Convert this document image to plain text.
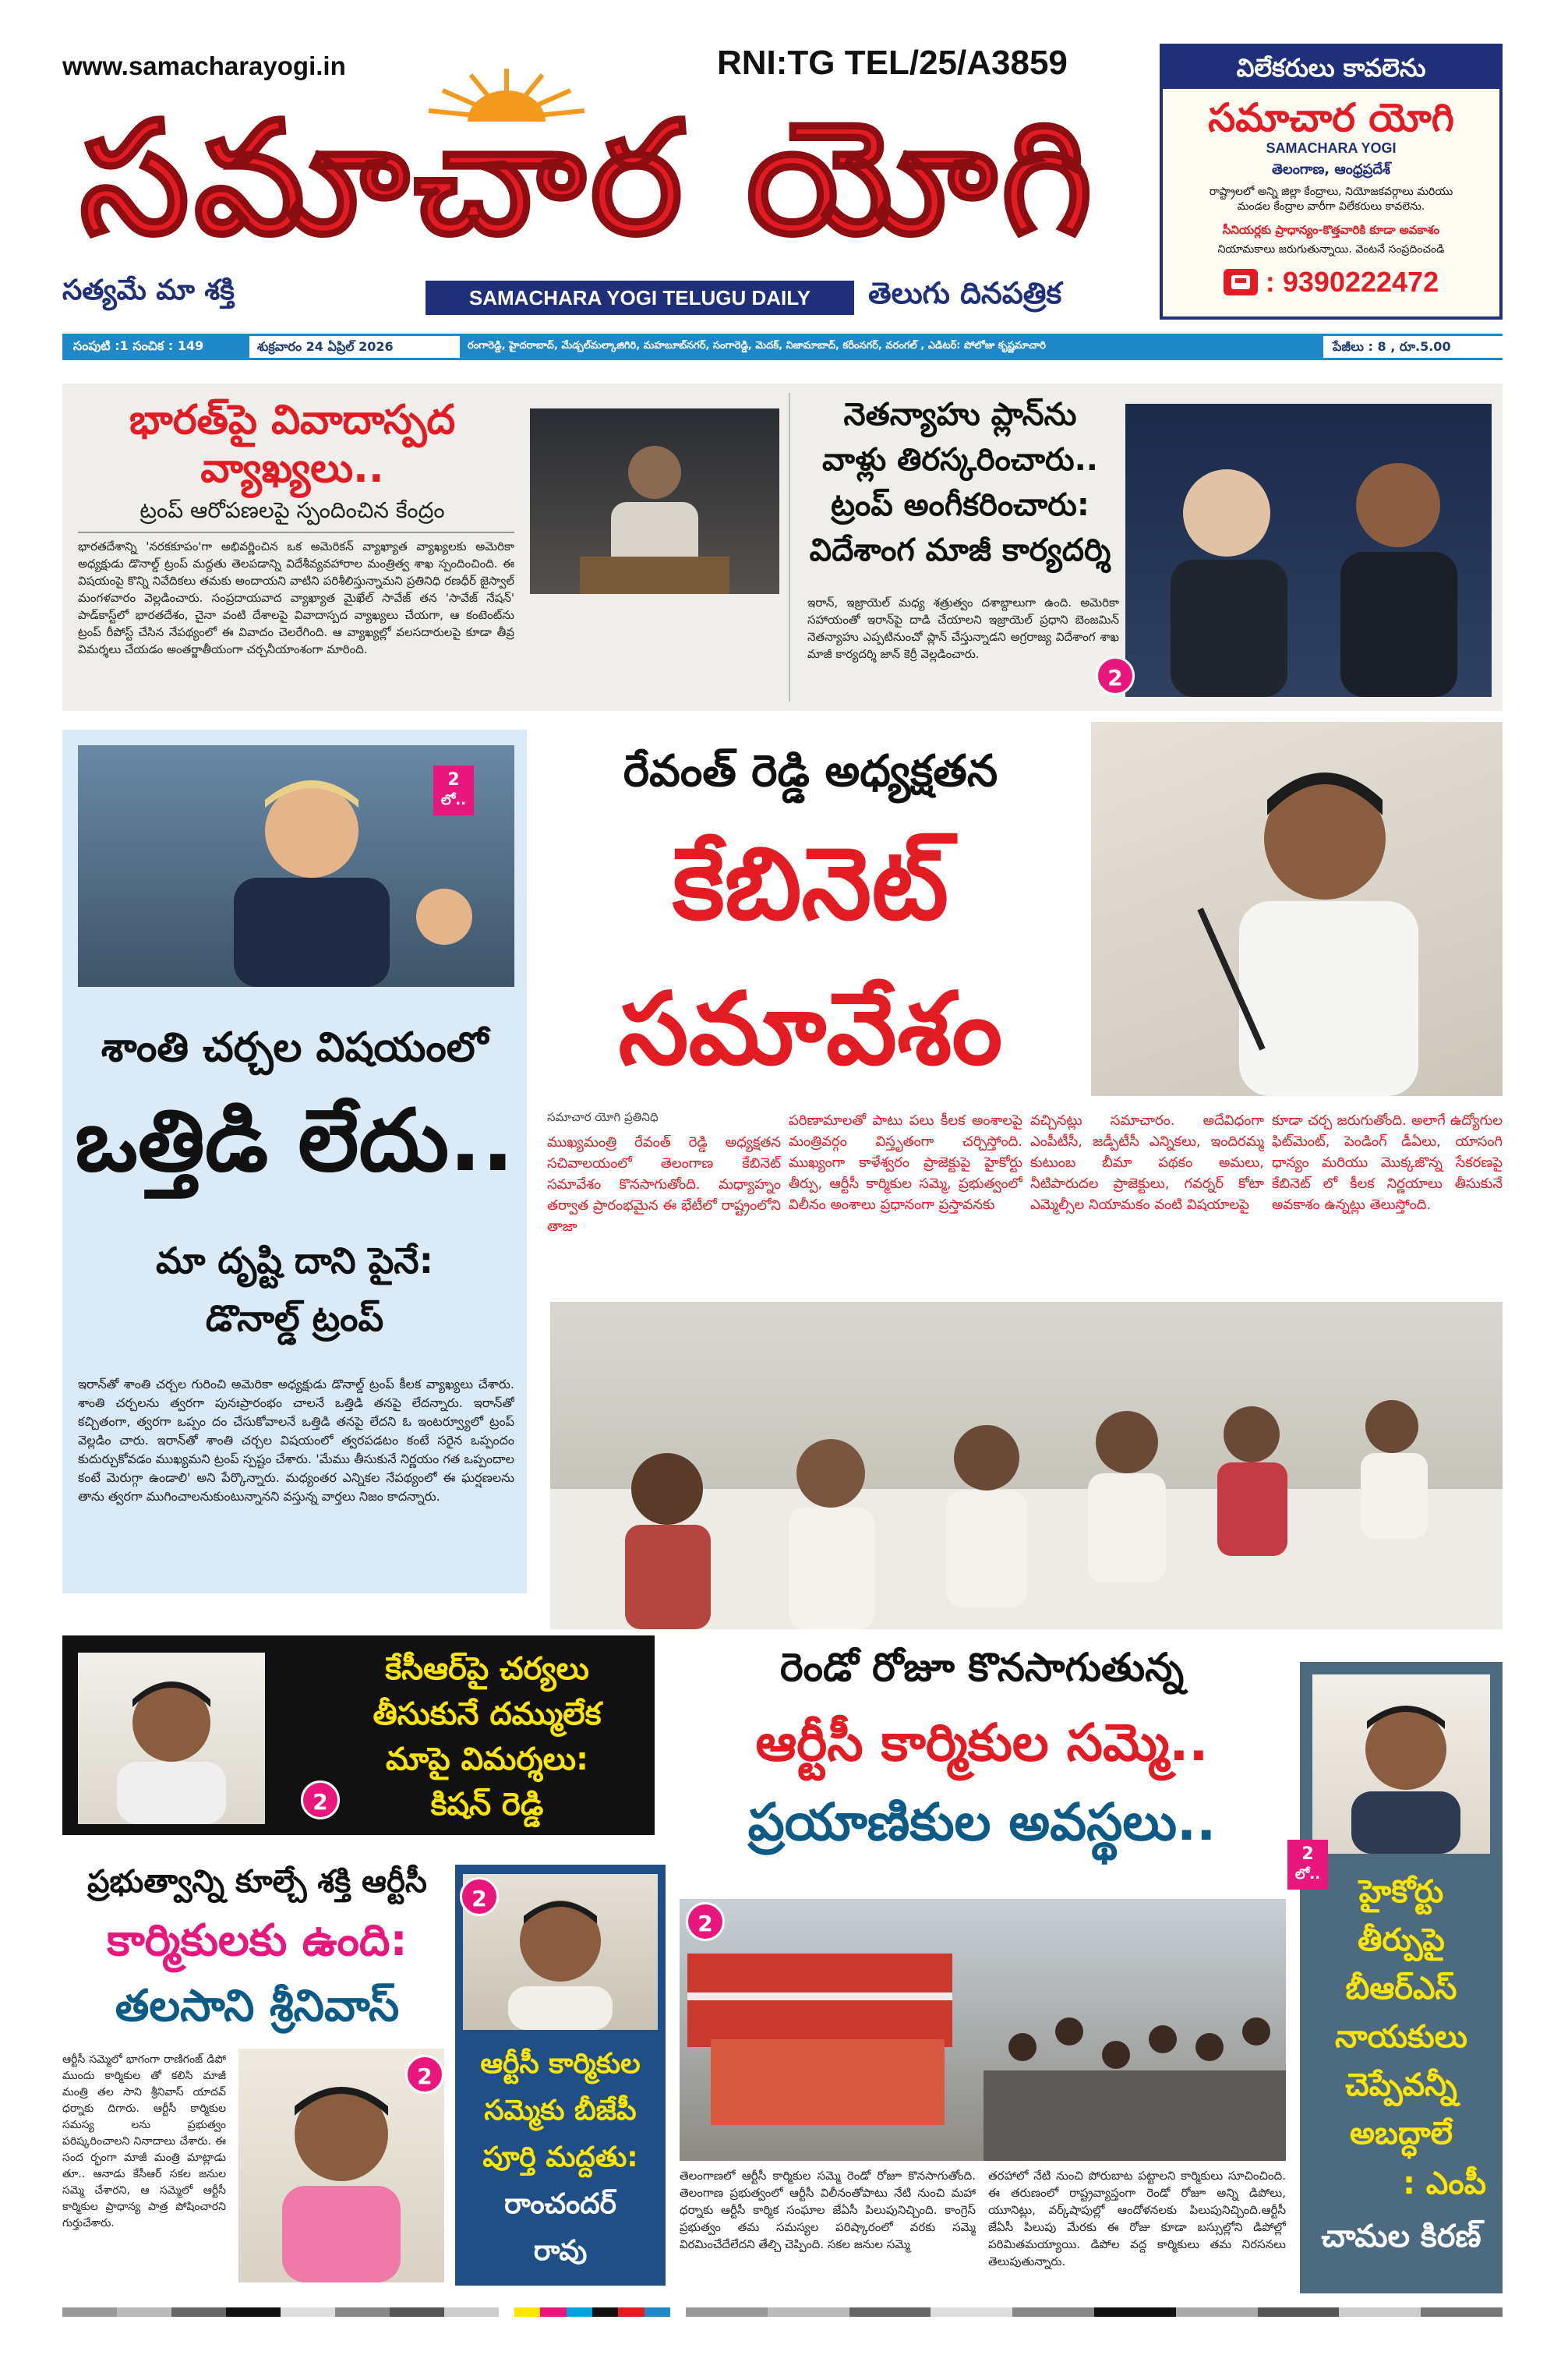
www.samacharayogi.in	RNI:TG TEL/25/A3859
సమాచార యోగి
సత్యమే మా శక్తి	SAMACHARA YOGI TELUGU DAILY	తెలుగు దినపత్రిక
విలేకరులు కావలెను
సమాచార యోగి
SAMACHARA YOGI
తెలంగాణ, ఆంధ్రప్రదేశ్
రాష్ట్రాలలో అన్ని జిల్లా కేంద్రాలు, నియోజకవర్గాలు మరియు
మండల కేంద్రాల వారీగా విలేకరులు కావలెను.
సీనియర్లకు ప్రాధాన్యం-కొత్తవారికి కూడా అవకాశం
నియామకాలు జరుగుతున్నాయి. వెంటనే సంప్రదించండి
: 9390222472
సంపుటి :1 సంచిక : 149	శుక్రవారం 24 ఏప్రిల్ 2026	రంగారెడ్డి, హైదరాబాద్, మేడ్చల్‌మల్కాజిగిరి, మహబూబ్‌నగర్, సంగారెడ్డి, మెదక్, నిజామాబాద్, కరీంనగర్, వరంగల్ , ఎడిటర్: పోలోజు కృష్ణమాచారి	పేజీలు : 8 , రూ.5.00
భారత్‌పై వివాదాస్పద
వ్యాఖ్యలు..
ట్రంప్ ఆరోపణలపై స్పందించిన కేంద్రం
భారతదేశాన్ని 'నరకకూపం'గా అభివర్ణించిన ఒక అమెరికన్ వ్యాఖ్యాత వ్యాఖ్యలకు అమెరికా అధ్యక్షుడు డొనాల్డ్ ట్రంప్ మద్దతు తెలపడాన్ని విదేశీవ్యవహారాల మంత్రిత్వ శాఖ స్పందించింది. ఈ విషయంపై కొన్ని నివేదికలు తమకు అందాయని వాటిని పరిశీలిస్తున్నామని ప్రతినిధి రణధీర్ జైస్వాల్ మంగళవారం వెల్లడించారు. సంప్రదాయవాద వ్యాఖ్యాత మైఖేల్ సావేజ్ తన 'సావేజ్ నేషన్' పాడ్‌కాస్ట్‌లో భారతదేశం, చైనా వంటి దేశాలపై వివాదాస్పద వ్యాఖ్యలు చేయగా, ఆ కంటెంట్‌ను ట్రంప్ రీపోస్ట్ చేసిన నేపథ్యంలో ఈ వివాదం చెలరేగింది. ఆ వ్యాఖ్యల్లో వలసదారులపై కూడా తీవ్ర విమర్శలు చేయడం అంతర్జాతీయంగా చర్చనీయాంశంగా మారింది.
నెతన్యాహు ప్లాన్‌ను
వాళ్లు తిరస్కరించారు..
ట్రంప్ అంగీకరించారు:
విదేశాంగ మాజీ కార్యదర్శి
ఇరాన్, ఇజ్రాయెల్ మధ్య శత్రుత్వం దశాబ్దాలుగా ఉంది. అమెరికా సహాయంతో ఇరాన్‌పై దాడి చేయాలని ఇజ్రాయెల్ ప్రధాని బెంజమిన్ నెతన్యాహు ఎప్పటినుంచో ప్లాన్ చేస్తున్నాడని అగ్రరాజ్య విదేశాంగ శాఖ మాజీ కార్యదర్శి జాన్ కెర్రీ వెల్లడించారు.
2
2
లో..
శాంతి చర్చల విషయంలో
ఒత్తిడి లేదు..
మా దృష్టి దాని పైనే:
డొనాల్డ్ ట్రంప్
ఇరాన్‌తో శాంతి చర్చల గురించి అమెరికా అధ్యక్షుడు డొనాల్డ్ ట్రంప్ కీలక వ్యాఖ్యలు చేశారు. శాంతి చర్చలను త్వరగా పునఃప్రారంభం చాలనే ఒత్తిడి తనపై లేదన్నారు. ఇరాన్‌తో కచ్చితంగా, త్వరగా ఒప్పం దం చేసుకోవాలనే ఒత్తిడి తనపై లేదని ఓ ఇంటర్వ్యూలో ట్రంప్ వెల్లడిం చారు. ఇరాన్‌తో శాంతి చర్చల విషయంలో త్వరపడటం కంటే సరైన ఒప్పందం కుదుర్చుకోవడం ముఖ్యమని ట్రంప్ స్పష్టం చేశారు. 'మేము తీసుకునే నిర్ణయం గత ఒప్పందాల కంటే మెరుగ్గా ఉండాలి' అని పేర్కొన్నారు. మధ్యంతర ఎన్నికల నేపథ్యంలో ఈ ఘర్షణలను తాను త్వరగా ముగించాలనుకుంటున్నానని వస్తున్న వార్తలు నిజం కాదన్నారు.
రేవంత్ రెడ్డి అధ్యక్షతన
కేబినెట్
సమావేశం
సమాచార యోగి ప్రతినిధి
ముఖ్యమంత్రి రేవంత్ రెడ్డి అధ్యక్షతన సచివాలయంలో తెలంగాణ కేబినెట్ సమావేశం కొనసాగుతోంది. మధ్యాహ్నం తర్వాత ప్రారంభమైన ఈ భేటీలో రాష్ట్రంలోని తాజా
పరిణామాలతో పాటు పలు కీలక అంశాలపై మంత్రివర్గం విస్తృతంగా చర్చిస్తోంది. ముఖ్యంగా కాళేశ్వరం ప్రాజెక్టుపై హైకోర్టు తీర్పు, ఆర్టీసీ కార్మికుల సమ్మె, ప్రభుత్వంలో విలీనం అంశాలు ప్రధానంగా ప్రస్తావనకు
వచ్చినట్లు సమాచారం. అదేవిధంగా ఎంపీటీసీ, జడ్పీటీసీ ఎన్నికలు, ఇందిరమ్మ కుటుంబ బీమా పథకం అమలు, నీటిపారుదల ప్రాజెక్టులు, గవర్నర్ కోటా ఎమ్మెల్సీల నియామకం వంటి విషయాలపై
కూడా చర్చ జరుగుతోంది. అలాగే ఉద్యోగుల ఫిట్‌మెంట్, పెండింగ్ డీఏలు, యాసంగి ధాన్యం మరియు మొక్కజొన్న సేకరణపై కేబినెట్ లో కీలక నిర్ణయాలు తీసుకునే అవకాశం ఉన్నట్లు తెలుస్తోంది.
2
కేసీఆర్‌పై చర్యలు
తీసుకునే దమ్ములేక
మాపై విమర్శలు:
కిషన్ రెడ్డి
రెండో రోజూ కొనసాగుతున్న
ఆర్టీసీ కార్మికుల సమ్మె..
ప్రయాణికుల అవస్థలు..
2
తెలంగాణలో ఆర్టీసీ కార్మికుల సమ్మె రెండో రోజూ కొనసాగుతోంది. తెలంగాణ ప్రభుత్వంలో ఆర్టీసీ విలీనంతోపాటు నేటి నుంచి మహా ధర్నాకు ఆర్టీసీ కార్మిక సంఘాల జేఏసీ పిలుపునిచ్చింది. కాంగ్రెస్ ప్రభుత్వం తమ సమస్యల పరిష్కారంలో వరకు సమ్మె విరమించేదేలేదని తేల్చి చెప్పింది. సకల జనుల సమ్మె
తరహాలో నేటి నుంచి పోరుబాట పట్టాలని కార్మికులు సూచించింది. ఈ తరుణంలో రాష్ట్రవ్యాప్తంగా రెండో రోజూ అన్ని డిపోలు, యూనిట్లు, వర్క్‌షాపుల్లో ఆందోళనలకు పిలుపునిచ్చింది.ఆర్టీసీ జేఏసీ పిలుపు మేరకు ఈ రోజు కూడా బస్సుల్లోని డిపోల్లో పరిమితమయ్యాయి. డిపోల వద్ద కార్మికులు తమ నిరసనలు తెలుపుతున్నారు.
2
లో..	హైకోర్టు
తీర్పుపై
బీఆర్ఎస్
నాయకులు
చెప్పేవన్నీ
అబద్ధాలే
: ఎంపీ
చామల కిరణ్
ప్రభుత్వాన్ని కూల్చే శక్తి ఆర్టీసీ
కార్మికులకు ఉంది:
తలసాని శ్రీనివాస్
ఆర్టీసీ సమ్మెలో భాగంగా రాణిగంజ్ డిపో ముందు కార్మికుల తో కలిసి మాజీ మంత్రి తల సాని శ్రీనివాస్ యాదవ్ ధర్నాకు దిగారు. ఆర్టీసీ కార్మికుల సమస్య లను ప్రభుత్వం పరిష్కరించాలని నినాదాలు చేశారు. ఈ సంద ర్భంగా మాజీ మంత్రి మాట్లాడు తూ.. ఆనాడు కేసీఆర్ సకల జనుల సమ్మె చేశారని, ఆ సమ్మెలో ఆర్టీసీ కార్మికుల ప్రాధాన్య పాత్ర పోషించారని గుర్తుచేశారు.
2
2
ఆర్టీసీ కార్మికుల
సమ్మెకు బీజేపీ
పూర్తి మద్దతు:
రాంచందర్
రావు
